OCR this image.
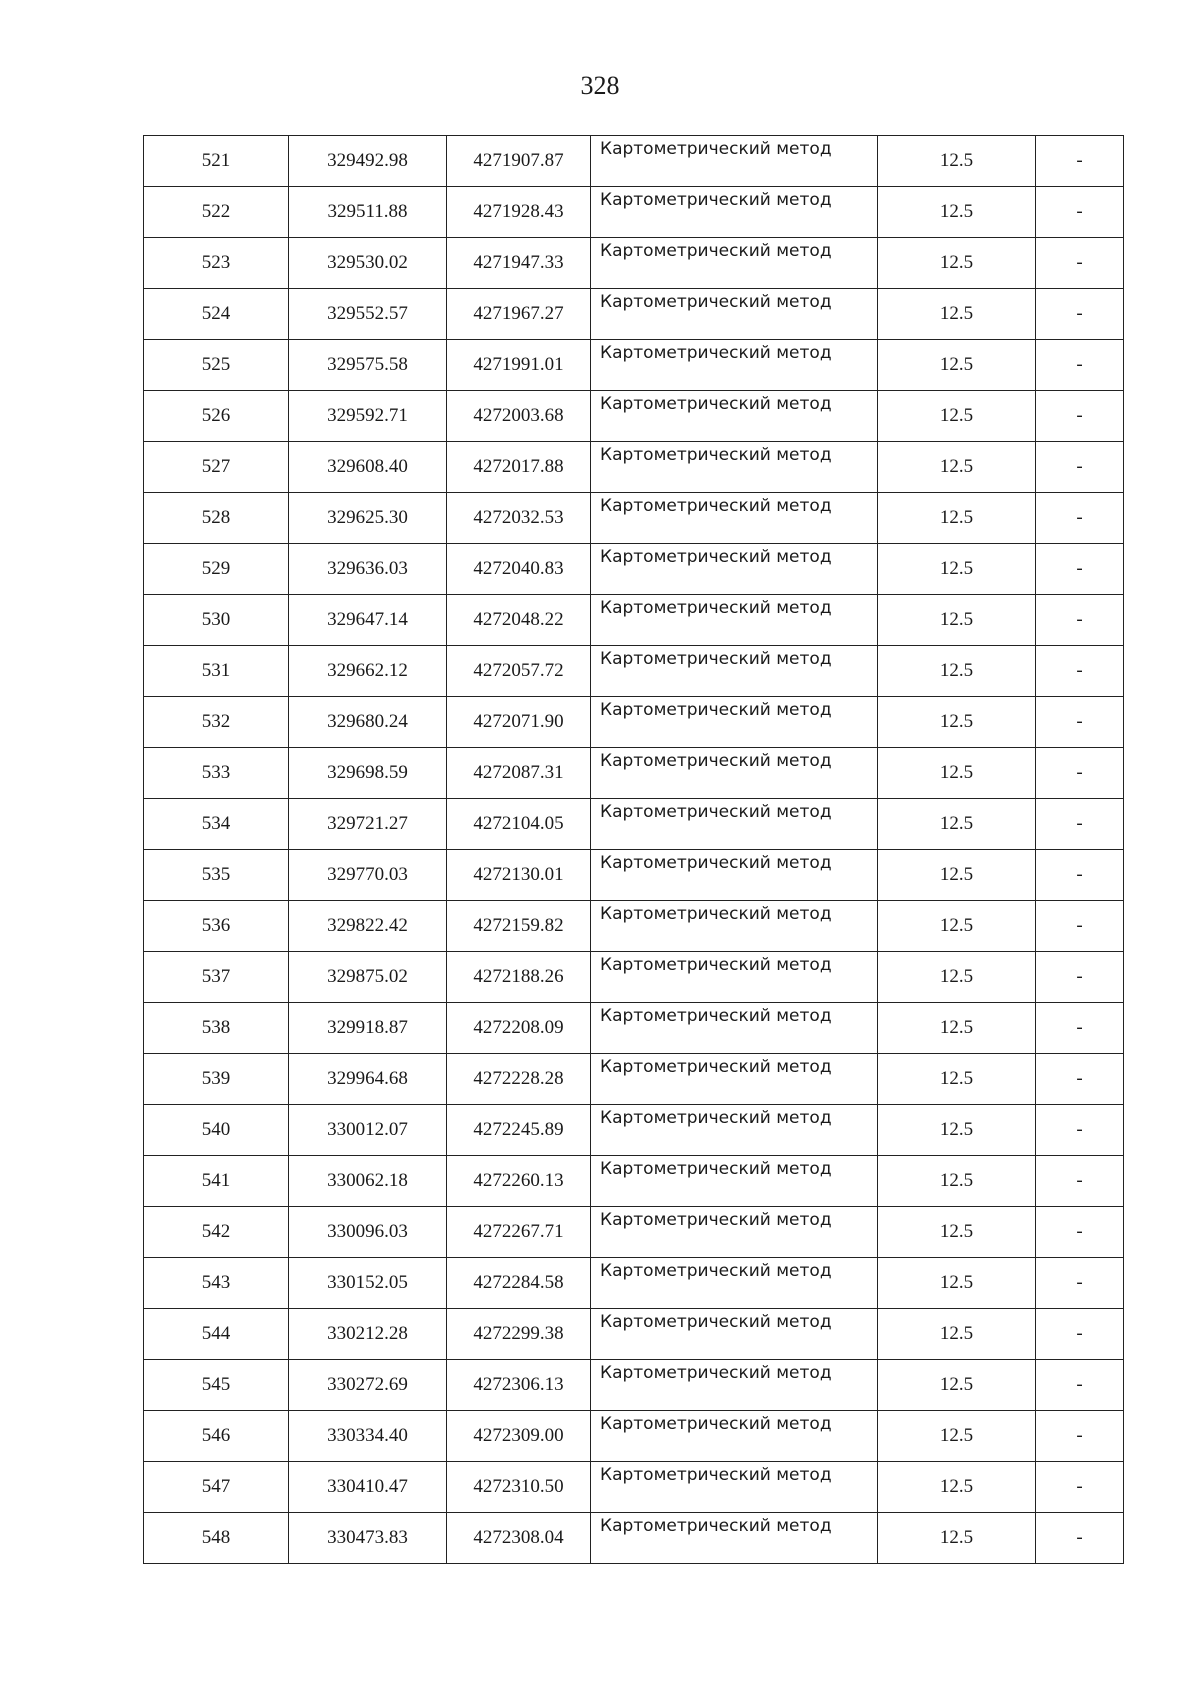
328
521	329492.98	4271907.87	Картометрический метод	12.5	-
522	329511.88	4271928.43	Картометрический метод	12.5	-
523	329530.02	4271947.33	Картометрический метод	12.5	-
524	329552.57	4271967.27	Картометрический метод	12.5	-
525	329575.58	4271991.01	Картометрический метод	12.5	-
526	329592.71	4272003.68	Картометрический метод	12.5	-
527	329608.40	4272017.88	Картометрический метод	12.5	-
528	329625.30	4272032.53	Картометрический метод	12.5	-
529	329636.03	4272040.83	Картометрический метод	12.5	-
530	329647.14	4272048.22	Картометрический метод	12.5	-
531	329662.12	4272057.72	Картометрический метод	12.5	-
532	329680.24	4272071.90	Картометрический метод	12.5	-
533	329698.59	4272087.31	Картометрический метод	12.5	-
534	329721.27	4272104.05	Картометрический метод	12.5	-
535	329770.03	4272130.01	Картометрический метод	12.5	-
536	329822.42	4272159.82	Картометрический метод	12.5	-
537	329875.02	4272188.26	Картометрический метод	12.5	-
538	329918.87	4272208.09	Картометрический метод	12.5	-
539	329964.68	4272228.28	Картометрический метод	12.5	-
540	330012.07	4272245.89	Картометрический метод	12.5	-
541	330062.18	4272260.13	Картометрический метод	12.5	-
542	330096.03	4272267.71	Картометрический метод	12.5	-
543	330152.05	4272284.58	Картометрический метод	12.5	-
544	330212.28	4272299.38	Картометрический метод	12.5	-
545	330272.69	4272306.13	Картометрический метод	12.5	-
546	330334.40	4272309.00	Картометрический метод	12.5	-
547	330410.47	4272310.50	Картометрический метод	12.5	-
548	330473.83	4272308.04	Картометрический метод	12.5	-
